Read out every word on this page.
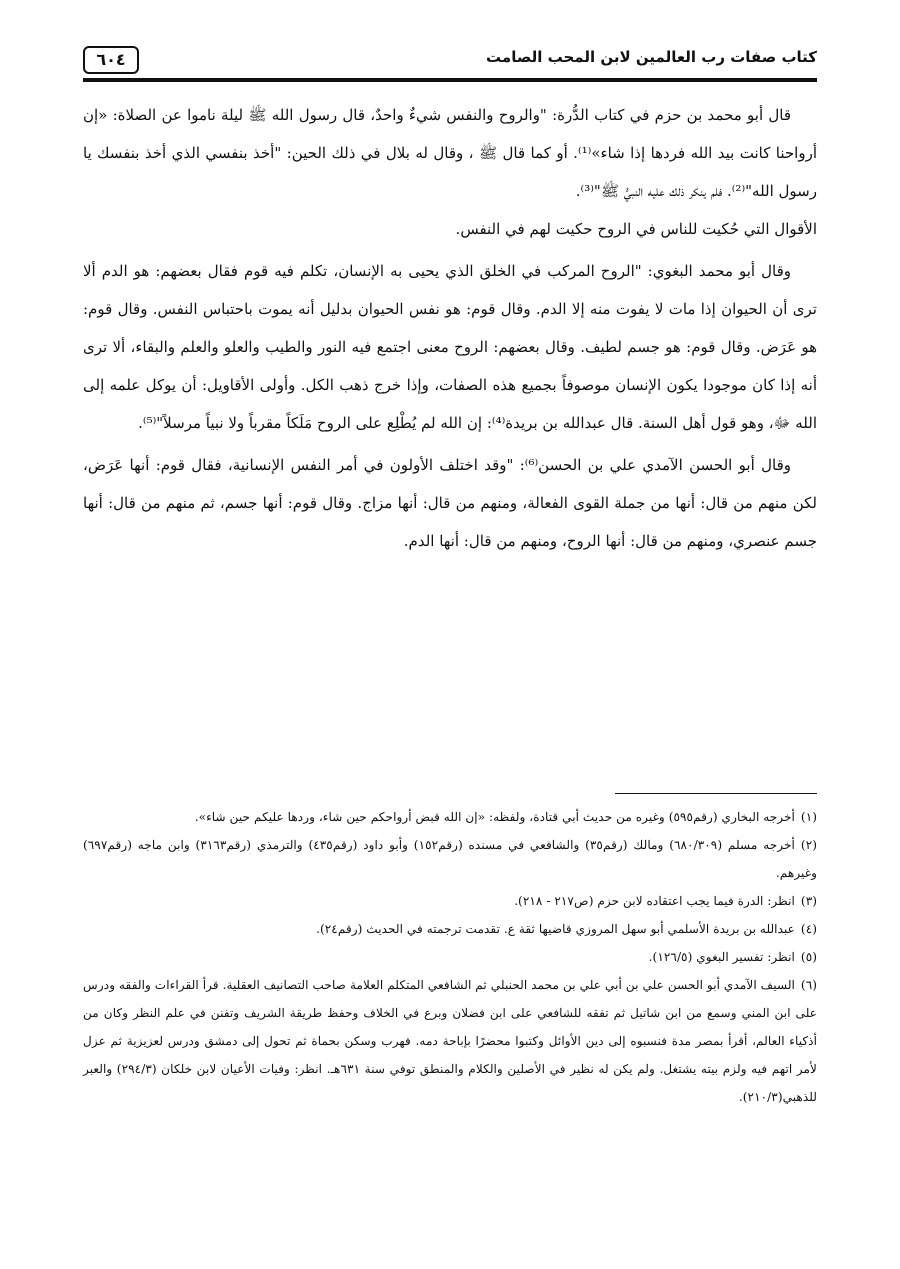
كتاب صفات رب العالمين لابن المحب الصامت
٦٠٤

قال أبو محمد بن حزم في كتاب الدُّرة: "والروح والنفس شيءٌ واحدٌ، قال رسول الله ﷺ ليلة ناموا عن الصلاة: «إن أرواحنا كانت بيد الله فردها إذا شاء»⁽¹⁾. أو كما قال ﷺ ، وقال له بلال في ذلك الحين: "أخذ بنفسي الذي أخذ بنفسك يا رسول الله"⁽²⁾. فلم ينكر ذلك عليه النبيُّ ﷺ"⁽³⁾.

الأقوال التي حُكيت للناس في الروح حكيت لهم في النفس.

وقال أبو محمد البغوي: "الروح المركب في الخلق الذي يحيى به الإنسان، تكلم فيه قوم فقال بعضهم: هو الدم ألا ترى أن الحيوان إذا مات لا يفوت منه إلا الدم. وقال قوم: هو نفس الحيوان بدليل أنه يموت باحتباس النفس. وقال قوم: هو عَرَض. وقال قوم: هو جسم لطيف. وقال بعضهم: الروح معنى اجتمع فيه النور والطيب والعلو والعلم والبقاء، ألا ترى أنه إذا كان موجودا يكون الإنسان موصوفاً بجميع هذه الصفات، وإذا خرج ذهب الكل. وأولى الأقاويل: أن يوكل علمه إلى الله ﷻ، وهو قول أهل السنة. قال عبدالله بن بريدة⁽⁴⁾: إن الله لم يُطْلِع على الروح مَلَكاً مقرباً ولا نبياً مرسلاً"⁽⁵⁾.

وقال أبو الحسن الآمدي علي بن الحسن⁽⁶⁾: "وقد اختلف الأولون في أمر النفس الإنسانية، فقال قوم: أنها عَرَض، لكن منهم من قال: أنها من جملة القوى الفعالة، ومنهم من قال: أنها مزاج. وقال قوم: أنها جسم، ثم منهم من قال: أنها جسم عنصري، ومنهم من قال: أنها الروح، ومنهم من قال: أنها الدم.

(١)أخرجه البخاري (رقم٥٩٥) وغيره من حديث أبي قتادة، ولفظه: «إن الله قبض أرواحكم حين شاء، وردها عليكم حين شاء».

(٢)أخرجه مسلم (٦٨٠/٣٠٩) ومالك (رقم٣٥) والشافعي في مسنده (رقم١٥٢) وأبو داود (رقم٤٣٥) والترمذي (رقم٣١٦٣) وابن ماجه (رقم٦٩٧) وغيرهم.

(٣)انظر: الدرة فيما يجب اعتقاده لابن حزم (ص٢١٧ - ٢١٨).

(٤)عبدالله بن بريدة الأسلمي أبو سهل المروزي قاضيها ثقة ع. تقدمت ترجمته في الحديث (رقم٢٤).

(٥)انظر: تفسير البغوي (١٢٦/٥).

(٦)السيف الآمدي أبو الحسن علي بن أبي علي بن محمد الحنبلي ثم الشافعي المتكلم العلامة صاحب التصانيف العقلية. قرأ القراءات والفقه ودرس على ابن المني وسمع من ابن شاتيل ثم تفقه للشافعي على ابن فضلان وبرع في الخلاف وحفظ طريقة الشريف وتفنن في علم النظر وكان من أذكياء العالم، أقرأ بمصر مدة فنسبوه إلى دين الأوائل وكتبوا محضرًا بإباحة دمه. فهرب وسكن بحماة ثم تحول إلى دمشق ودرس لعزيزية ثم عزل لأمر اتهم فيه ولزم بيته يشتغل. ولم يكن له نظير في الأصلين والكلام والمنطق توفي سنة ٦٣١هـ. انظر: وفيات الأعيان لابن خلكان (٢٩٤/٣) والعبر للذهبي(٢١٠/٣).
